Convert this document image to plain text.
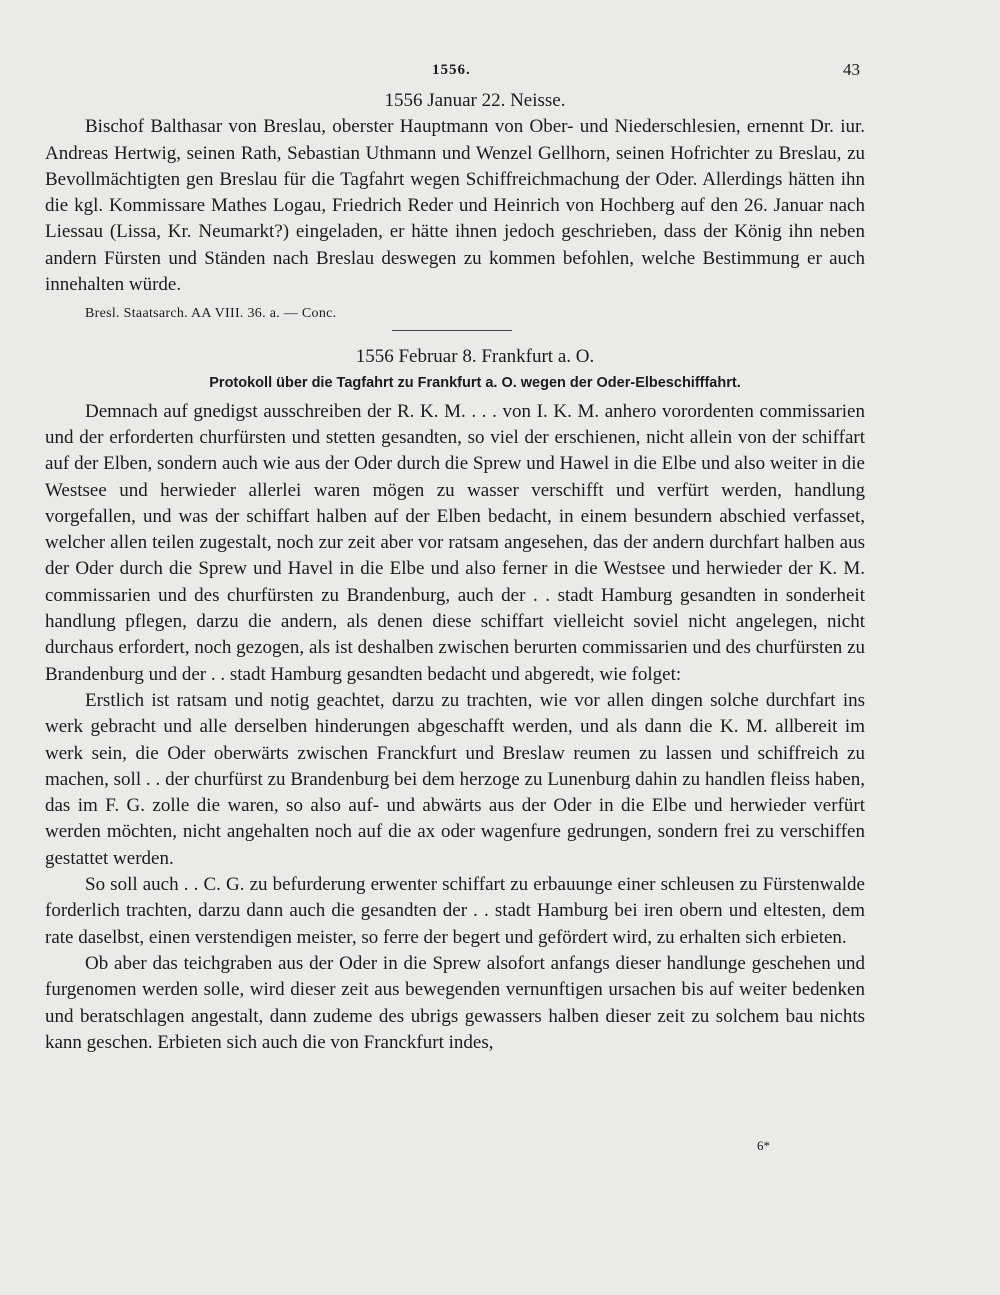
1556.	43

1556 Januar 22. Neisse.

Bischof Balthasar von Breslau, oberster Hauptmann von Ober- und Niederschlesien, ernennt Dr. iur. Andreas Hertwig, seinen Rath, Sebastian Uthmann und Wenzel Gellhorn, seinen Hofrichter zu Breslau, zu Bevollmächtigten gen Breslau für die Tagfahrt wegen Schiffreichmachung der Oder. Allerdings hätten ihn die kgl. Kommissare Mathes Logau, Friedrich Reder und Heinrich von Hochberg auf den 26. Januar nach Liessau (Lissa, Kr. Neumarkt?) eingeladen, er hätte ihnen jedoch geschrieben, dass der König ihn neben andern Fürsten und Ständen nach Breslau deswegen zu kommen befohlen, welche Bestimmung er auch innehalten würde.

Bresl. Staatsarch. AA VIII. 36. a. — Conc.

1556 Februar 8. Frankfurt a. O.

Protokoll über die Tagfahrt zu Frankfurt a. O. wegen der Oder-Elbeschifffahrt.

Demnach auf gnedigst ausschreiben der R. K. M. . . . von I. K. M. anhero vorordenten commissarien und der erforderten churfürsten und stetten gesandten, so viel der erschienen, nicht allein von der schiffart auf der Elben, sondern auch wie aus der Oder durch die Sprew und Hawel in die Elbe und also weiter in die Westsee und herwieder allerlei waren mögen zu wasser verschifft und verfürt werden, handlung vorgefallen, und was der schiffart halben auf der Elben bedacht, in einem besundern abschied verfasset, welcher allen teilen zugestalt, noch zur zeit aber vor ratsam angesehen, das der andern durchfart halben aus der Oder durch die Sprew und Havel in die Elbe und also ferner in die Westsee und herwieder der K. M. commissarien und des churfürsten zu Brandenburg, auch der . . stadt Hamburg gesandten in sonderheit handlung pflegen, darzu die andern, als denen diese schiffart vielleicht soviel nicht angelegen, nicht durchaus erfordert, noch gezogen, als ist deshalben zwischen berurten commissarien und des churfürsten zu Brandenburg und der . . stadt Hamburg gesandten bedacht und abgeredt, wie folget:

Erstlich ist ratsam und notig geachtet, darzu zu trachten, wie vor allen dingen solche durchfart ins werk gebracht und alle derselben hinderungen abgeschafft werden, und als dann die K. M. allbereit im werk sein, die Oder oberwärts zwischen Franckfurt und Breslaw reumen zu lassen und schiffreich zu machen, soll . . der churfürst zu Brandenburg bei dem herzoge zu Lunenburg dahin zu handlen fleiss haben, das im F. G. zolle die waren, so also auf- und abwärts aus der Oder in die Elbe und herwieder verfürt werden möchten, nicht angehalten noch auf die ax oder wagenfure gedrungen, sondern frei zu verschiffen gestattet werden.

So soll auch . . C. G. zu befurderung erwenter schiffart zu erbauunge einer schleusen zu Fürstenwalde forderlich trachten, darzu dann auch die gesandten der . . stadt Hamburg bei iren obern und eltesten, dem rate daselbst, einen verstendigen meister, so ferre der begert und gefördert wird, zu erhalten sich erbieten.

Ob aber das teichgraben aus der Oder in die Sprew alsofort anfangs dieser handlunge geschehen und furgenomen werden solle, wird dieser zeit aus bewegenden vernunftigen ursachen bis auf weiter bedenken und beratschlagen angestalt, dann zudeme des ubrigs gewassers halben dieser zeit zu solchem bau nichts kann geschen. Erbieten sich auch die von Franckfurt indes,

6*
